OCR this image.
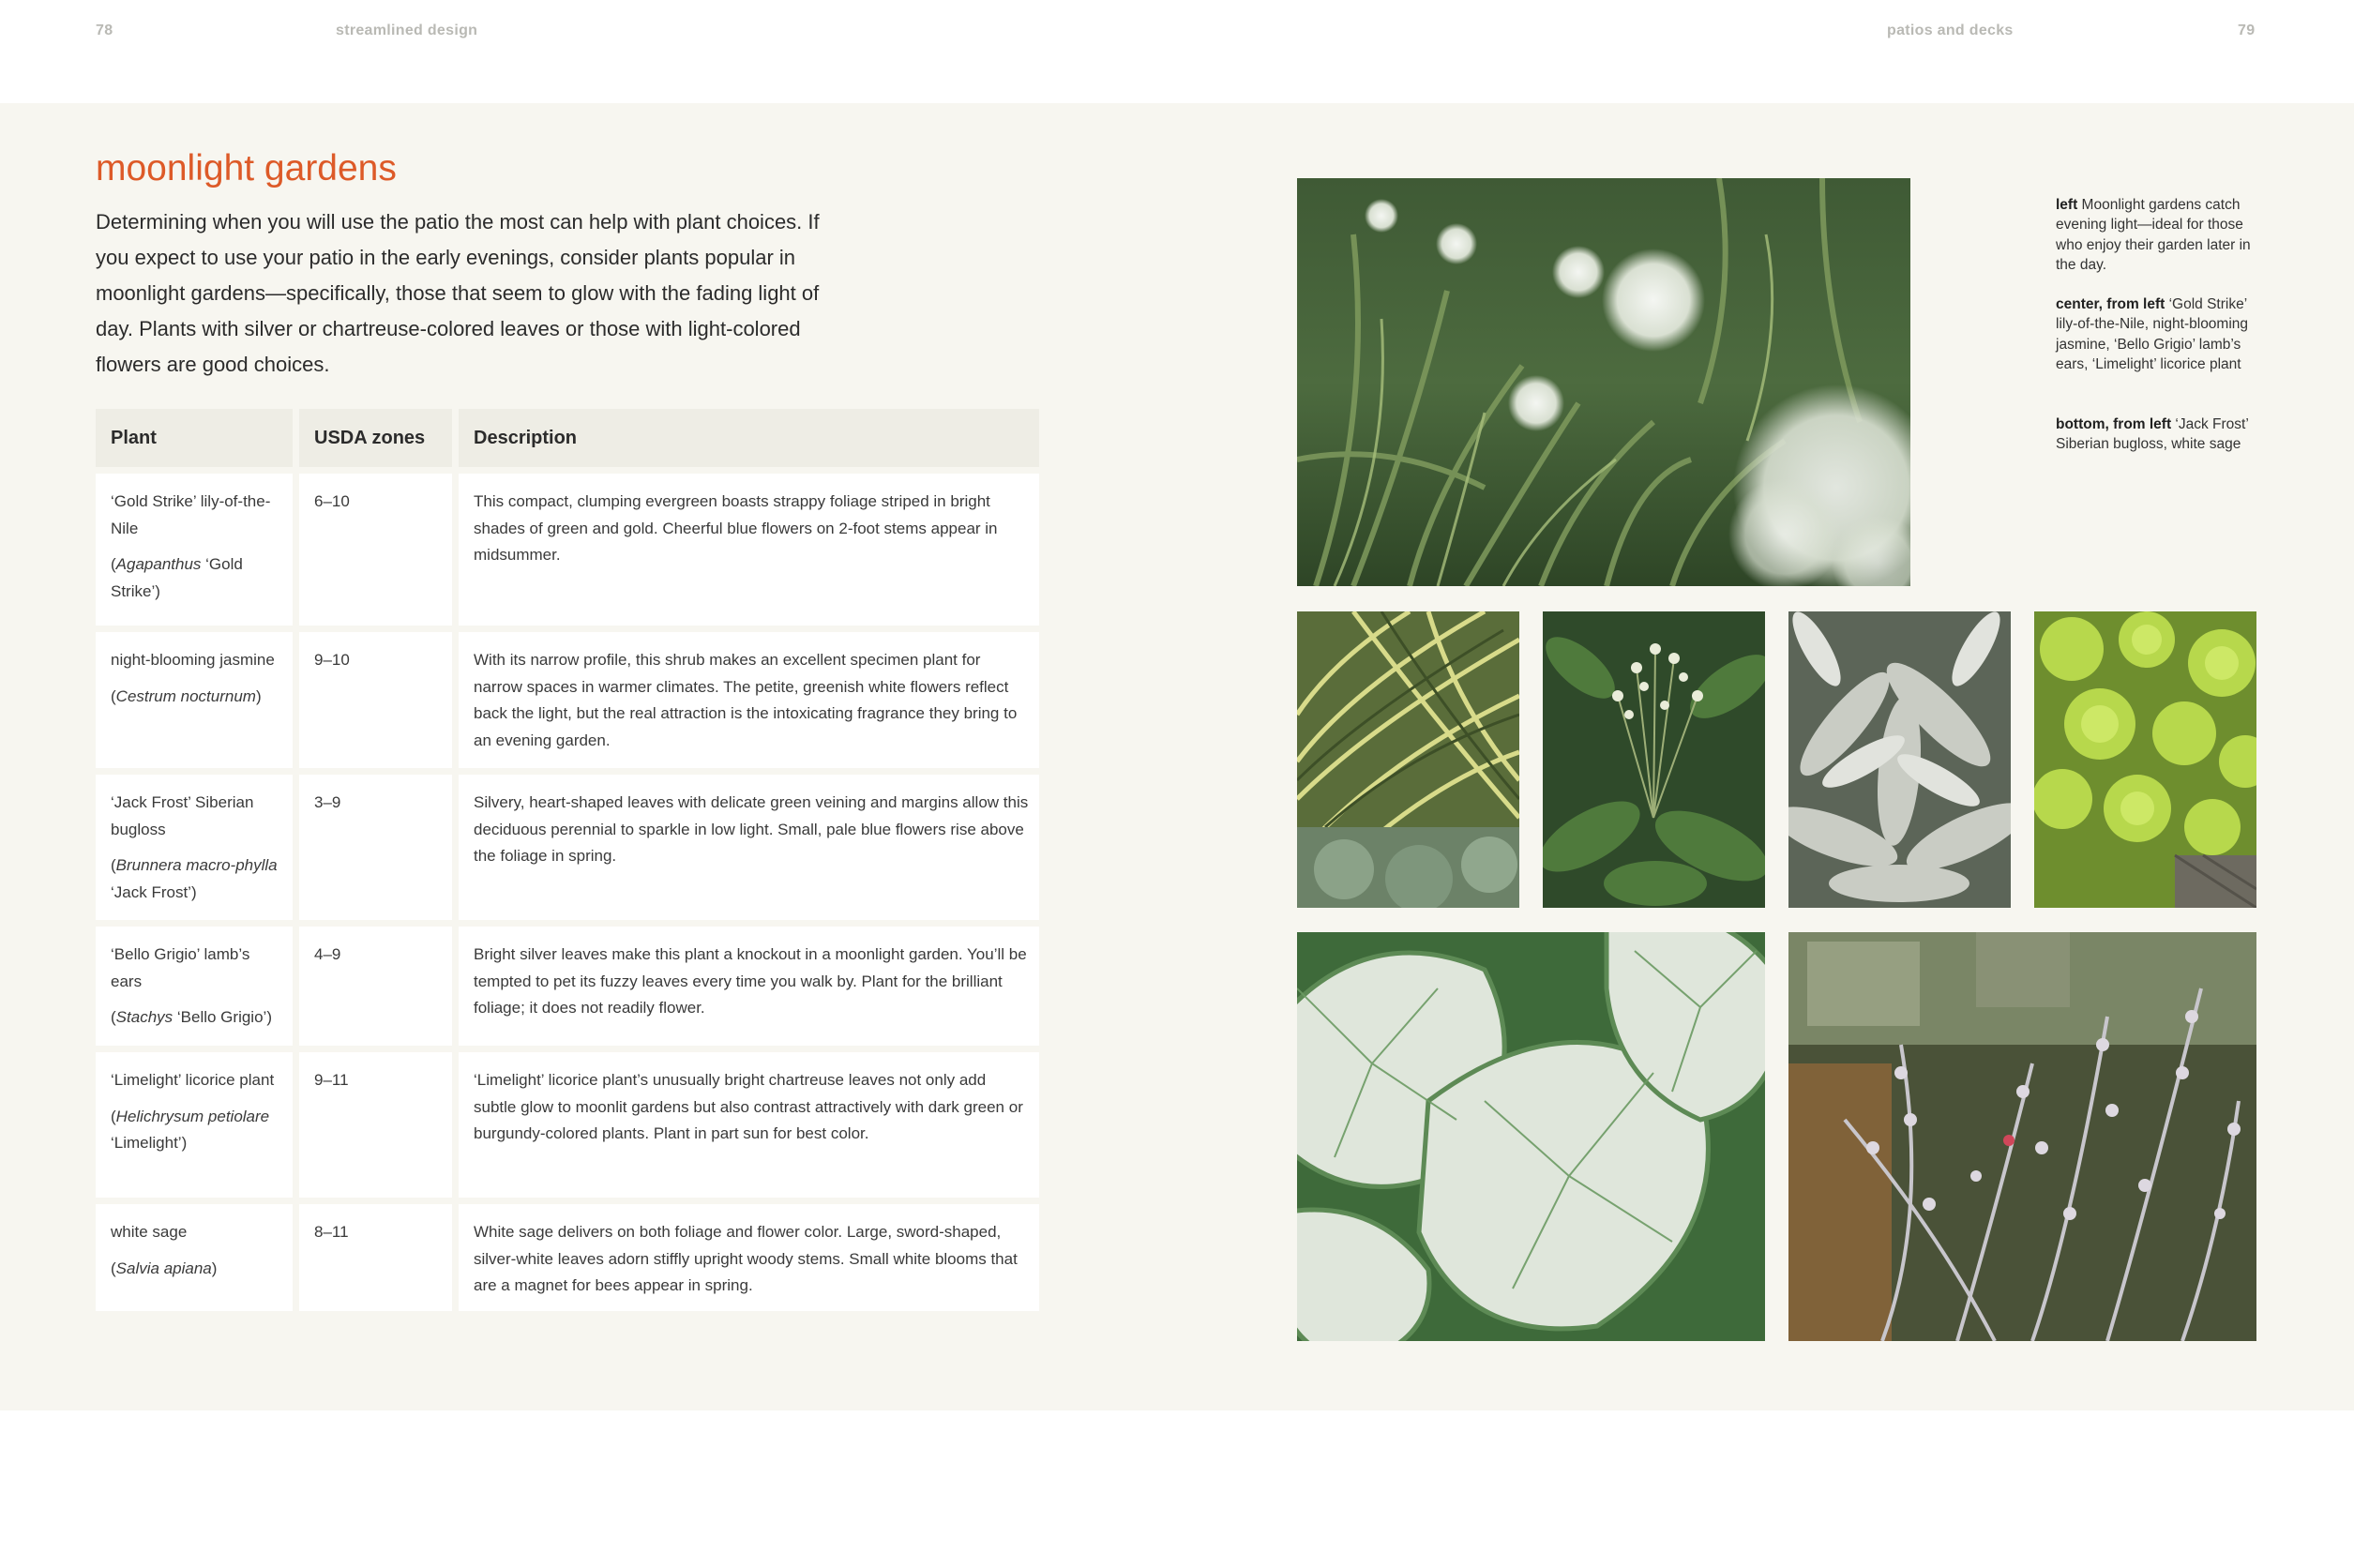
78	streamlined design	patios and decks	79
moonlight gardens

Determining when you will use the patio the most can help with plant choices. If you expect to use your patio in the early evenings, consider plants popular in moonlight gardens—specifically, those that seem to glow with the fading light of day. Plants with silver or chartreuse-colored leaves or those with light-colored flowers are good choices.

Plant	USDA zones	Description

‘Gold Strike’ lily-of-the-Nile

(Agapanthus ‘Gold Strike’)	6–10	This compact, clumping evergreen boasts strappy foliage striped in bright shades of green and gold. Cheerful blue flowers on 2-foot stems appear in midsummer.

night-blooming jasmine

(Cestrum nocturnum)	9–10	With its narrow profile, this shrub makes an excellent specimen plant for narrow spaces in warmer climates. The petite, greenish white flowers reflect back the light, but the real attraction is the intoxicating fragrance they bring to an evening garden.

‘Jack Frost’ Siberian bugloss

(Brunnera macro-phylla ‘Jack Frost’)	3–9	Silvery, heart-shaped leaves with delicate green veining and margins allow this deciduous perennial to sparkle in low light. Small, pale blue flowers rise above the foliage in spring.

‘Bello Grigio’ lamb’s ears

(Stachys ‘Bello Grigio’)	4–9	Bright silver leaves make this plant a knockout in a moonlight garden. You’ll be tempted to pet its fuzzy leaves every time you walk by. Plant for the brilliant foliage; it does not readily flower.

‘Limelight’ licorice plant

(Helichrysum petiolare ‘Limelight’)	9–11	‘Limelight’ licorice plant’s unusually bright chartreuse leaves not only add subtle glow to moonlit gardens but also contrast attractively with dark green or burgundy-colored plants. Plant in part sun for best color.

white sage

(Salvia apiana)	8–11	White sage delivers on both foliage and flower color. Large, sword-shaped, silver-white leaves adorn stiffly upright woody stems. Small white blooms that are a magnet for bees appear in spring.

left Moonlight gardens catch evening light—ideal for those who enjoy their garden later in the day.

center, from left ‘Gold Strike’ lily-of-the-Nile, night-blooming jasmine, ‘Bello Grigio’ lamb’s ears, ‘Limelight’ licorice plant

bottom, from left ‘Jack Frost’ Siberian bugloss, white sage
